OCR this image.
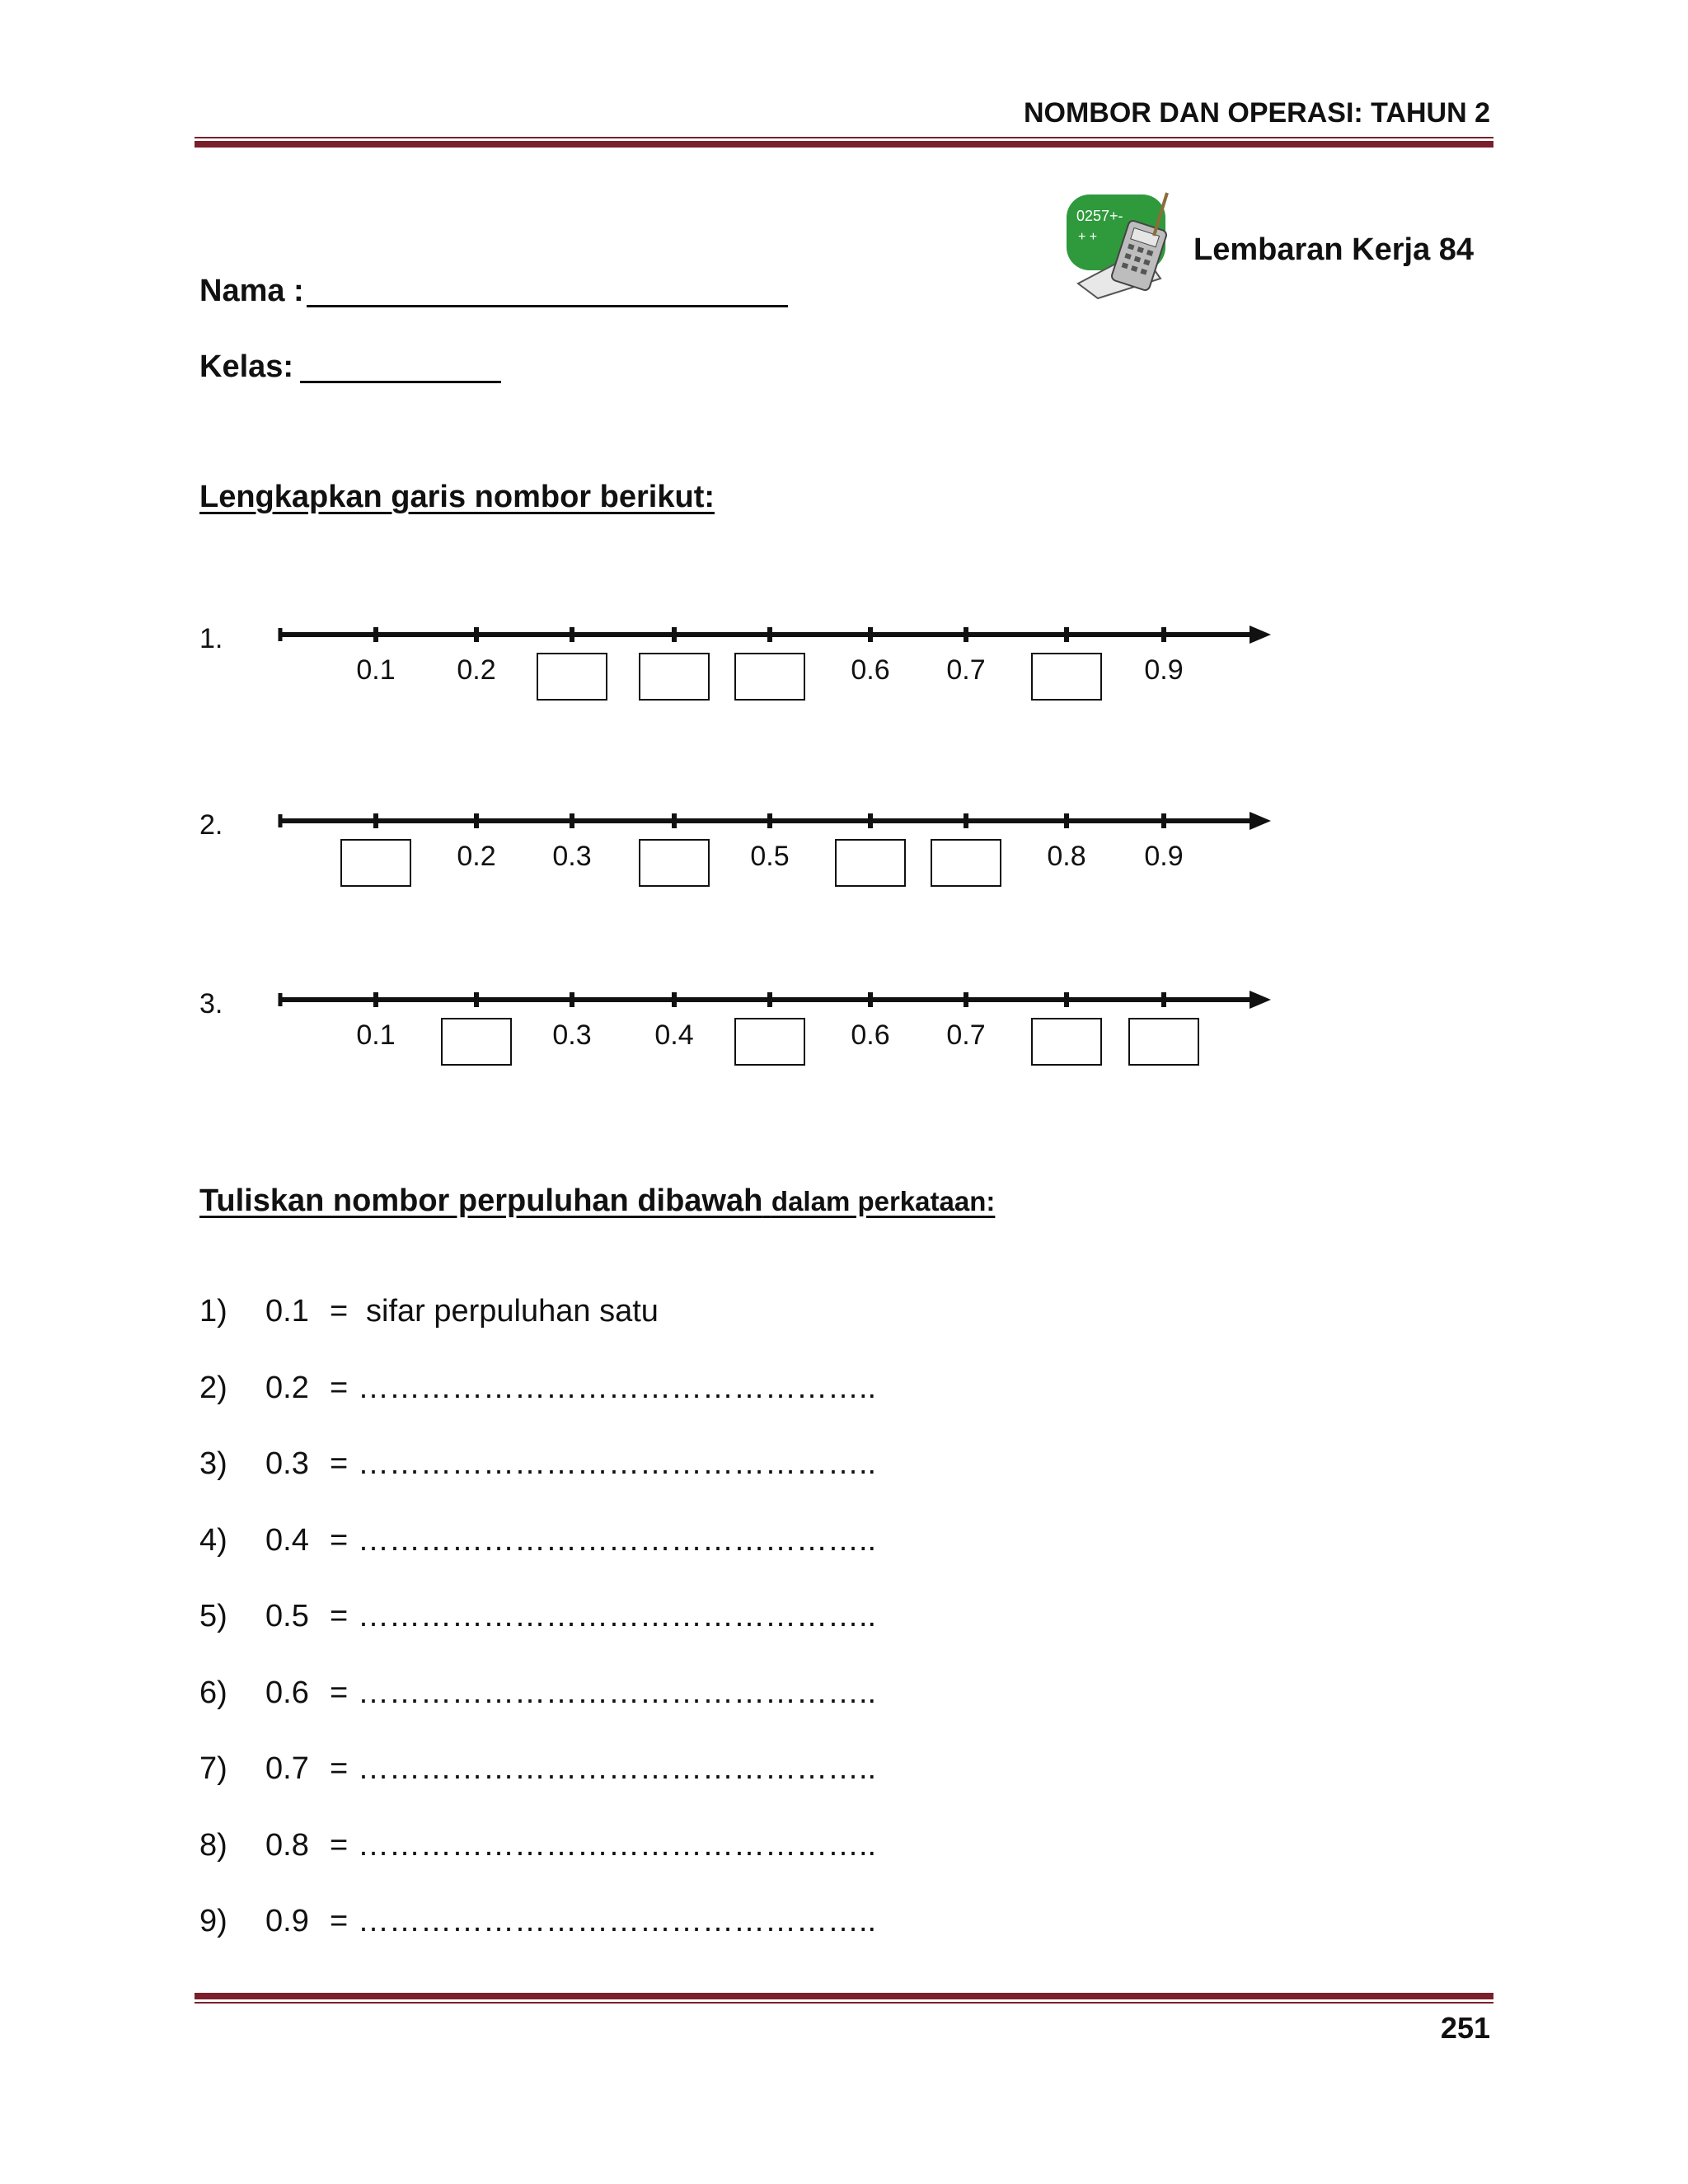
NOMBOR DAN OPERASI: TAHUN 2
0257+-
+ +	Lembaran Kerja 84
Nama :
Kelas:
Lengkapkan garis nombor berikut:
1.
0.1 0.2	0.6 0.7	0.9
2.
0.2 0.3	0.5	0.8 0.9
3.
0.1	0.3 0.4	0.6 0.7
Tuliskan nombor perpuluhan dibawah dalam perkataan:
1) 0.1 = sifar perpuluhan satu
2) 0.2 = …………………………………………..
3) 0.3 = …………………………………………..
4) 0.4 = …………………………………………..
5) 0.5 = …………………………………………..
6) 0.6 = …………………………………………..
7) 0.7 = …………………………………………..
8) 0.8 = …………………………………………..
9) 0.9 = …………………………………………..
251
